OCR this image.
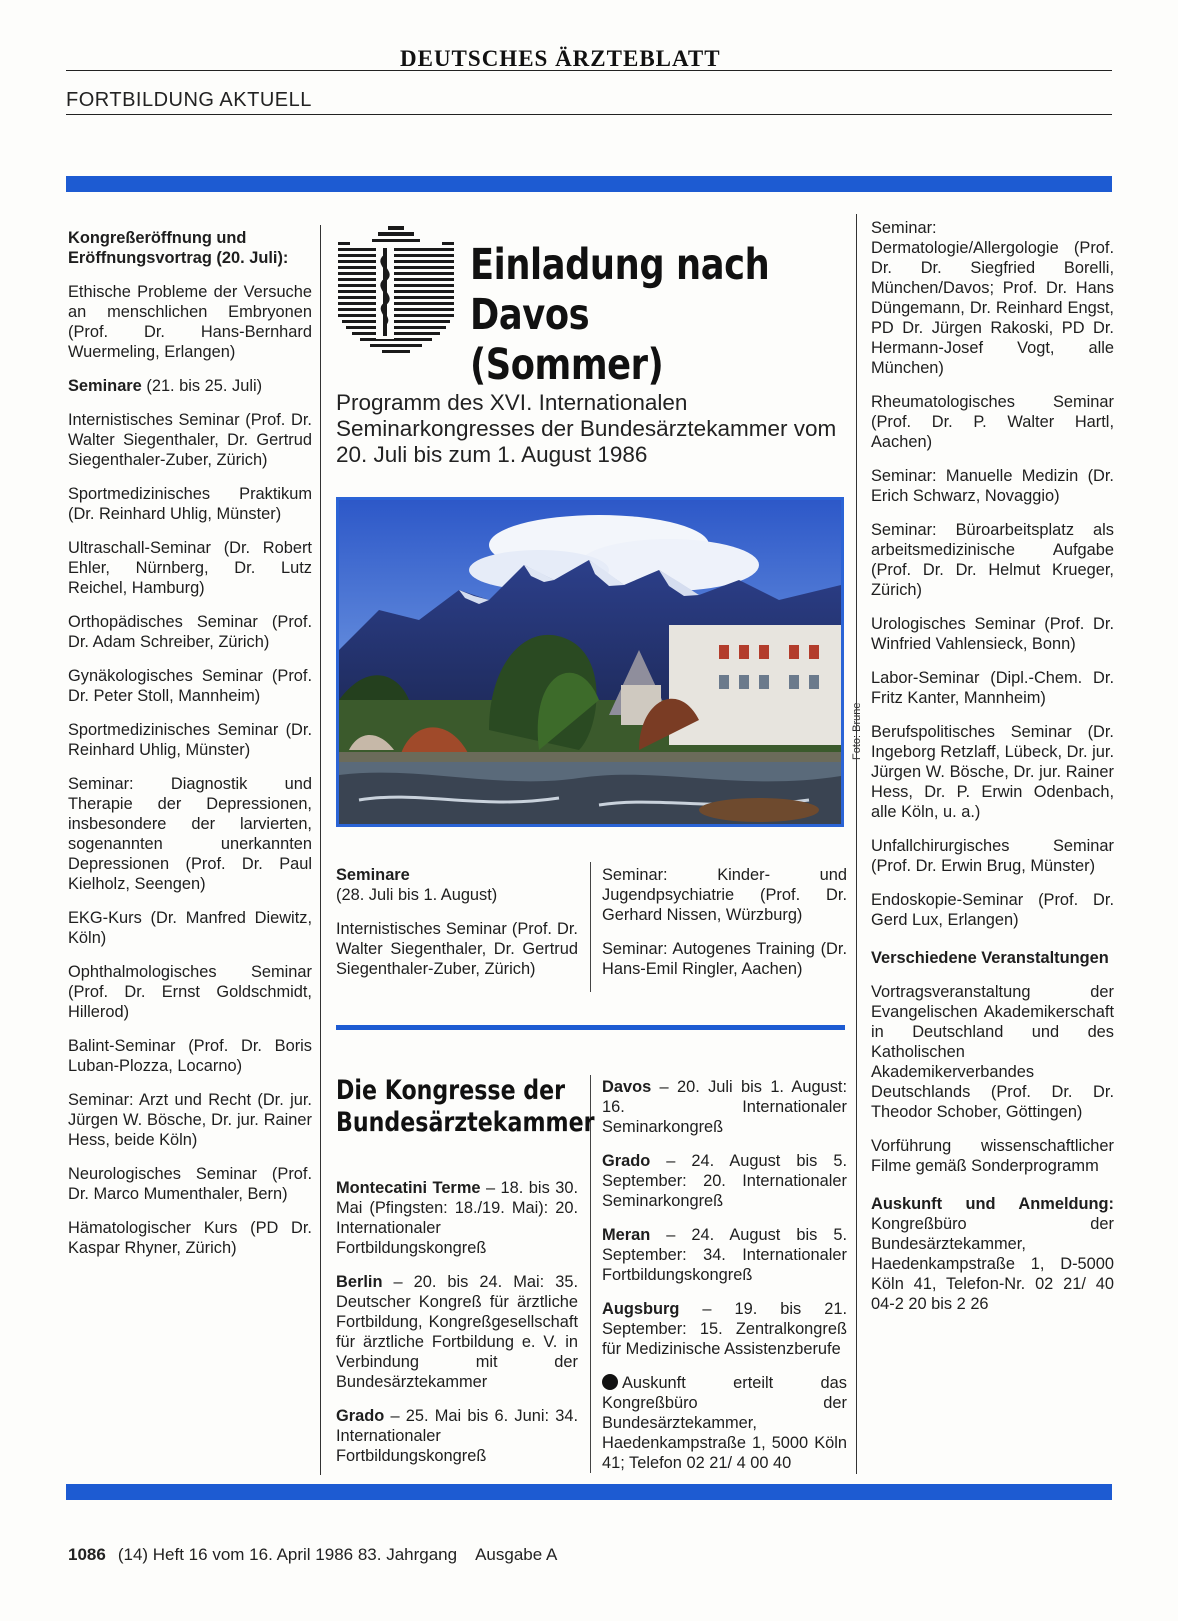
DEUTSCHES ÄRZTEBLATT
FORTBILDUNG AKTUELL

Kongreßeröffnung und Eröffnungsvortrag (20. Juli):

Ethische Probleme der Versuche an menschlichen Embryonen (Prof. Dr. Hans-Bernhard Wuermeling, Erlangen)

Seminare (21. bis 25. Juli)

Internistisches Seminar (Prof. Dr. Walter Siegenthaler, Dr. Gertrud Siegenthaler-Zuber, Zürich)

Sportmedizinisches Praktikum (Dr. Reinhard Uhlig, Münster)

Ultraschall-Seminar (Dr. Robert Ehler, Nürnberg, Dr. Lutz Reichel, Hamburg)

Orthopädisches Seminar (Prof. Dr. Adam Schreiber, Zürich)

Gynäkologisches Seminar (Prof. Dr. Peter Stoll, Mannheim)

Sportmedizinisches Seminar (Dr. Reinhard Uhlig, Münster)

Seminar: Diagnostik und Therapie der Depressionen, insbesondere der larvierten, sogenannten unerkannten Depressionen (Prof. Dr. Paul Kielholz, Seengen)

EKG-Kurs (Dr. Manfred Diewitz, Köln)

Ophthalmologisches Seminar (Prof. Dr. Ernst Goldschmidt, Hillerod)

Balint-Seminar (Prof. Dr. Boris Luban-Plozza, Locarno)

Seminar: Arzt und Recht (Dr. jur. Jürgen W. Bösche, Dr. jur. Rainer Hess, beide Köln)

Neurologisches Seminar (Prof. Dr. Marco Mumenthaler, Bern)

Hämatologischer Kurs (PD Dr. Kaspar Rhyner, Zürich)

Einladung nach Davos (Sommer)
Programm des XVI. Internationalen Seminarkongresses der Bundesärztekammer vom 20. Juli bis zum 1. August 1986
Foto: Brune

Seminare
(28. Juli bis 1. August)

Internistisches Seminar (Prof. Dr. Walter Siegenthaler, Dr. Gertrud Siegenthaler-Zuber, Zürich)

Seminar: Kinder- und Jugendpsychiatrie (Prof. Dr. Gerhard Nissen, Würzburg)

Seminar: Autogenes Training (Dr. Hans-Emil Ringler, Aachen)

Die Kongresse der Bundesärztekammer

Montecatini Terme – 18. bis 30. Mai (Pfingsten: 18./19. Mai): 20. Internationaler Fortbildungskongreß

Berlin – 20. bis 24. Mai: 35. Deutscher Kongreß für ärztliche Fortbildung, Kongreßgesellschaft für ärztliche Fortbildung e. V. in Verbindung mit der Bundesärztekammer

Grado – 25. Mai bis 6. Juni: 34. Internationaler Fortbildungskongreß

Davos – 20. Juli bis 1. August: 16. Internationaler Seminarkongreß

Grado – 24. August bis 5. September: 20. Internationaler Seminarkongreß

Meran – 24. August bis 5. September: 34. Internationaler Fortbildungskongreß

Augsburg – 19. bis 21. September: 15. Zentralkongreß für Medizinische Assistenzberufe

Auskunft erteilt das Kongreßbüro der Bundesärztekammer, Haedenkampstraße 1, 5000 Köln 41; Telefon 02 21/ 4 00 40

Seminar: Dermatologie/Allergologie (Prof. Dr. Dr. Siegfried Borelli, München/Davos; Prof. Dr. Hans Düngemann, Dr. Reinhard Engst, PD Dr. Jürgen Rakoski, PD Dr. Hermann-Josef Vogt, alle München)

Rheumatologisches Seminar (Prof. Dr. P. Walter Hartl, Aachen)

Seminar: Manuelle Medizin (Dr. Erich Schwarz, Novaggio)

Seminar: Büroarbeitsplatz als arbeitsmedizinische Aufgabe (Prof. Dr. Dr. Helmut Krueger, Zürich)

Urologisches Seminar (Prof. Dr. Winfried Vahlensieck, Bonn)

Labor-Seminar (Dipl.-Chem. Dr. Fritz Kanter, Mannheim)

Berufspolitisches Seminar (Dr. Ingeborg Retzlaff, Lübeck, Dr. jur. Jürgen W. Bösche, Dr. jur. Rainer Hess, Dr. P. Erwin Odenbach, alle Köln, u. a.)

Unfallchirurgisches Seminar (Prof. Dr. Erwin Brug, Münster)

Endoskopie-Seminar (Prof. Dr. Gerd Lux, Erlangen)

Verschiedene Veranstaltungen

Vortragsveranstaltung der Evangelischen Akademikerschaft in Deutschland und des Katholischen Akademikerverbandes Deutschlands (Prof. Dr. Dr. Theodor Schober, Göttingen)

Vorführung wissenschaftlicher Filme gemäß Sonderprogramm

Auskunft und Anmeldung: Kongreßbüro der Bundesärztekammer, Haedenkampstraße 1, D-5000 Köln 41, Telefon-Nr. 02 21/ 40 04-2 20 bis 2 26

1086 (14) Heft 16 vom 16. April 1986 83. Jahrgang Ausgabe A
